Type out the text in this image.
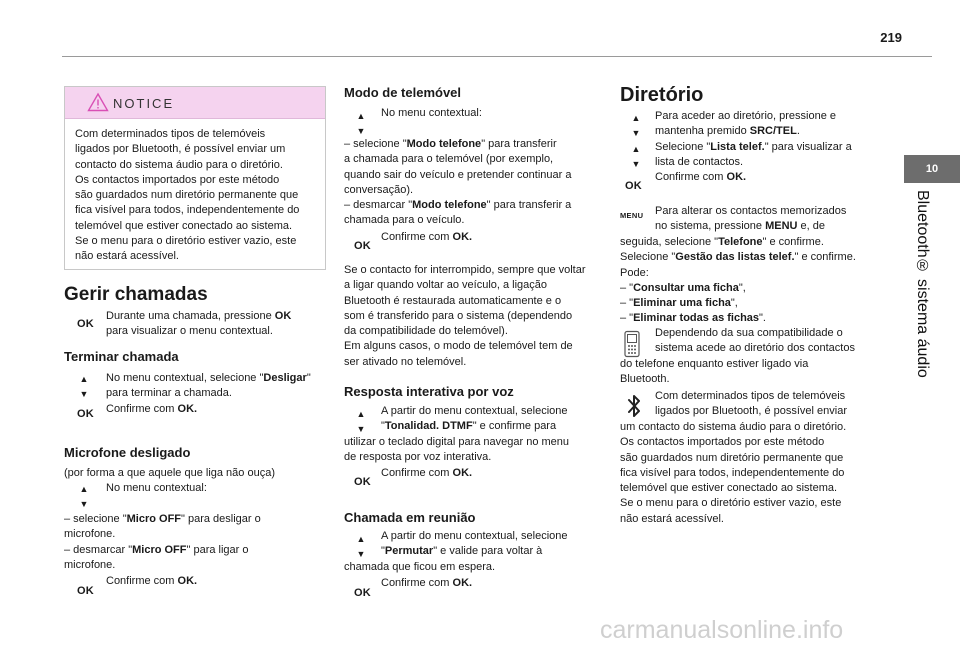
219
10
Bluetooth® sistema áudio
NOTICE
Com determinados tipos de telemóveis
ligados por Bluetooth, é possível enviar um
contacto do sistema áudio para o diretório.
Os contactos importados por este método
são guardados num diretório permanente que
fica visível para todos, independentemente do
telemóvel que estiver conectado ao sistema.
Se o menu para o diretório estiver vazio, este
não estará acessível.
Gerir chamadas
OK
Durante uma chamada, pressione OK
para visualizar o menu contextual.
Terminar chamada
▲
▼
OK
No menu contextual, selecione "Desligar"
para terminar a chamada.
Confirme com OK.
Microfone desligado
(por forma a que aquele que liga não ouça)
▲
▼
No menu contextual:
– selecione "Micro OFF" para desligar o
microfone.
– desmarcar "Micro OFF" para ligar o
microfone.
OK
Confirme com OK.
Modo de telemóvel
▲
▼
No menu contextual:
– selecione "Modo telefone" para transferir
a chamada para o telemóvel (por exemplo,
quando sair do veículo e pretender continuar a
conversação).
– desmarcar "Modo telefone" para transferir a
chamada para o veículo.
OK
Confirme com OK.
Se o contacto for interrompido, sempre que voltar
a ligar quando voltar ao veículo, a ligação
Bluetooth é restaurada automaticamente e o
som é transferido para o sistema (dependendo
da compatibilidade do telemóvel).
Em alguns casos, o modo de telemóvel tem de
ser ativado no telemóvel.
Resposta interativa por voz
▲
▼
A partir do menu contextual, selecione
"Tonalidad. DTMF" e confirme para
utilizar o teclado digital para navegar no menu
de resposta por voz interativa.
OK
Confirme com OK.
Chamada em reunião
▲
▼
A partir do menu contextual, selecione
"Permutar" e valide para voltar à
chamada que ficou em espera.
OK
Confirme com OK.
Diretório
▲
▼
▲
▼
OK
Para aceder ao diretório, pressione e
mantenha premido SRC/TEL.
Selecione "Lista telef." para visualizar a
lista de contactos.
Confirme com OK.
MENU Para alterar os contactos memorizados
no sistema, pressione MENU e, de
seguida, selecione "Telefone" e confirme.
Selecione "Gestão das listas telef." e confirme.
Pode:
– "Consultar uma ficha",
– "Eliminar uma ficha",
– "Eliminar todas as fichas".
Dependendo da sua compatibilidade o
sistema acede ao diretório dos contactos
do telefone enquanto estiver ligado via
Bluetooth.
Com determinados tipos de telemóveis
ligados por Bluetooth, é possível enviar
um contacto do sistema áudio para o diretório.
Os contactos importados por este método
são guardados num diretório permanente que
fica visível para todos, independentemente do
telemóvel que estiver conectado ao sistema.
Se o menu para o diretório estiver vazio, este
não estará acessível.
carmanualsonline.info
